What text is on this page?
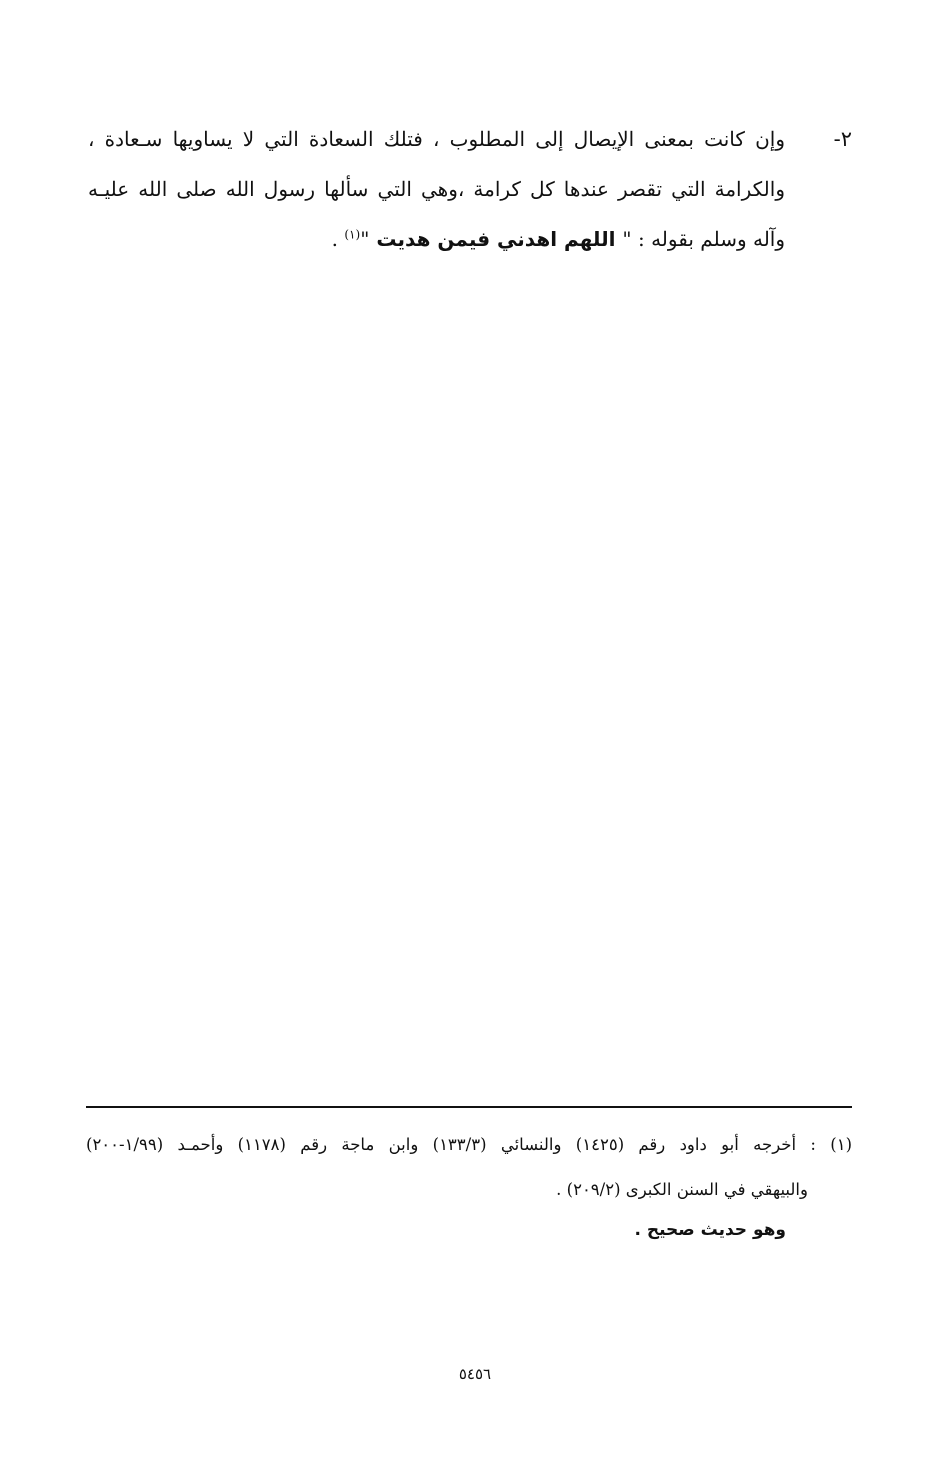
٢-
وإن كانت بمعنى الإيصال إلى المطلوب ، فتلك السعادة التي لا يساويها سـعادة ،
والكرامة التي تقصر عندها كل كرامة ،وهي التي سألها رسول الله صلى الله عليـه
وآله وسلم بقوله : " اللهم اهدني فيمن هديت "$^{(١)}$ .
(١) : أخرجه أبو داود رقم (١٤٢٥) والنسائي (١٣٣/٣) وابن ماجة رقم (١١٧٨) وأحمـد (١/٩٩-٢٠٠)
والبيهقي في السنن الكبرى (٢٠٩/٢) .
وهو حديث صحيح .
٥٤٥٦
